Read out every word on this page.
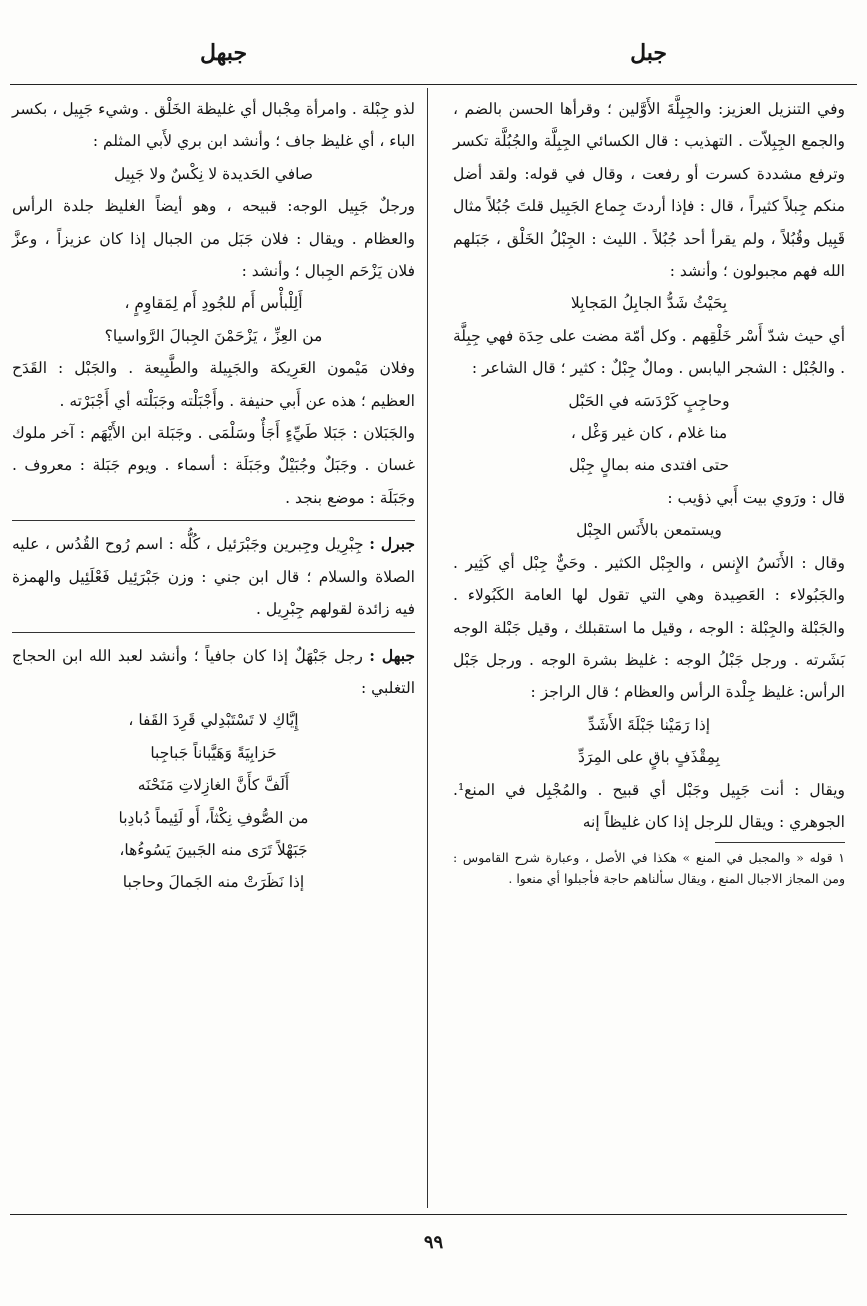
جبل
جبهل

وفي التنزيل العزيز: والجِبِلَّةَ الأَوَّلين ؛ وقرأها الحسن بالضم ، والجمع الجِبِلاّت . التهذيب : قال الكسائي الجِبِلَّة والجُبُلَّة تكسر وترفع مشددة كسرت أو رفعت ، وقال في قوله: ولقد أضل منكم جِبلاً كثيراً ، قال : فإذا أردتَ جِماع الجَبِيل قلتَ جُبُلاً مثال قَبِيل وقُبُلاً ، ولم يقرأ أحد جُبُلاً . الليث : الجِبْلُ الخَلْق ، جَبَلهم الله فهم مجبولون ؛ وأنشد :

بِحَيْثُ شَدُّ الجابِلُ المَجابِلا

أي حيث شدّ أَسْر خَلْقِهم . وكل أمّة مضت على حِدَة فهي جِبِلَّة . والجُبْل : الشجر اليابس . ومالٌ جِبْلٌ : كثير ؛ قال الشاعر :

وحاجِبٍ كَرْدَسَه في الحَبْل

منا غلام ، كان غير وَغْل ،

حتى افتدى منه بمالٍ جِبْل

قال : ورَوي بيت أَبي ذؤيب :

ويستمعن بالأَنَس الجِبْل

وقال : الأَنَسُ الإِنس ، والجِبْل الكثير . وحَيٌّ جِبْل أي كَثِير . والجَبُولاء : العَصِيدة وهي التي تقول لها العامة الكَبُولاء . والجَبْلة والجِبْلة : الوجه ، وقيل ما استقبلك ، وقيل جَبْلة الوجه بَشَرته . ورجل جَبْلُ الوجه : غليظ بشرة الوجه . ورجل جَبْل الرأس: غليظ جِلْدة الرأس والعظام ؛ قال الراجز :

إذا رَمَيْنا جَبْلَةَ الأَشَدِّ

بِمِقْذَفٍ باقٍ على المِرَدِّ

ويقال : أنت جَبِيل وجَبْل أي قبيح . والمُجْبِل في المنع¹. الجوهري : ويقال للرجل إذا كان غليظاً إنه

١ قوله « والمجبل في المنع » هكذا في الأصل ، وعبارة شرح القاموس : ومن المجاز الاجبال المنع ، ويقال سألناهم حاجة فأجبلوا أي منعوا .

لذو جِبْلة . وامرأة مِجْبال أي غليظة الخَلْق . وشيء جَبِيل ، بكسر الباء ، أي غليظ جاف ؛ وأنشد ابن بري لأَبي المثلم :

صافي الحَديدة لا نِكْسٌ ولا جَبِيل

ورجلٌ جَبِيل الوجه: قبيحه ، وهو أيضاً الغليظ جلدة الرأس والعظام . ويقال : فلان جَبَل من الجبال إذا كان عزيزاً ، وعزَّ فلان يَزْحَم الجِبال ؛ وأنشد :

أَلِلْبأْس أَم للجُودِ أَم لِمَقاوِمٍ ،

من العِزِّ ، يَزْحَمْنَ الجِبالَ الرَّواسيا؟

وفلان مَيْمون العَرِيكة والجَبِيلة والطَّبِيعة . والجَبْل : القَدَح العظيم ؛ هذه عن أَبي حنيفة . وأَجْبَلْته وجَبَلْته أي أَجْبَرْته .

والجَبَلان : جَبَلا طَيِّءٍ أَجَأٌ وسَلْمَى . وجَبَلة ابن الأَيْهَم : آخر ملوك غسان . وجَبَلٌ وجُبَيْلٌ وجَبَلَة : أسماء . ويوم جَبَلة : معروف . وجَبَلَة : موضع بنجد .

جبرل : جِبْرِيل وجِبرين وجَبْرَئيل ، كُلُّه : اسم رُوح القُدُس ، عليه الصلاة والسلام ؛ قال ابن جني : وزن جَبْرَئِيل فَعْلَئِيل والهمزة فيه زائدة لقولهم جِبْرِيل .

جبهل : رجل جَبْهَلٌ إذا كان جافياً ؛ وأنشد لعبد الله ابن الحجاج التغلبي :

إِيَّاكِ لا تَسْتَبْدِلي قَرِدَ القَفا ،

حَزابِيَةً وَهَيَّباناً جَباجِبا

أَلَفَّ كأَنَّ الغازِلاتِ مَنَحْنَه

من الصُّوفِ نِكْثاً، أَو لَئِيماً دُبادِبا

جَبَهْلاً تَرَى منه الجَبينَ يَسُوءُها،

إذا نَظَرَتْ منه الجَمالَ وحاجبا

٩٩
